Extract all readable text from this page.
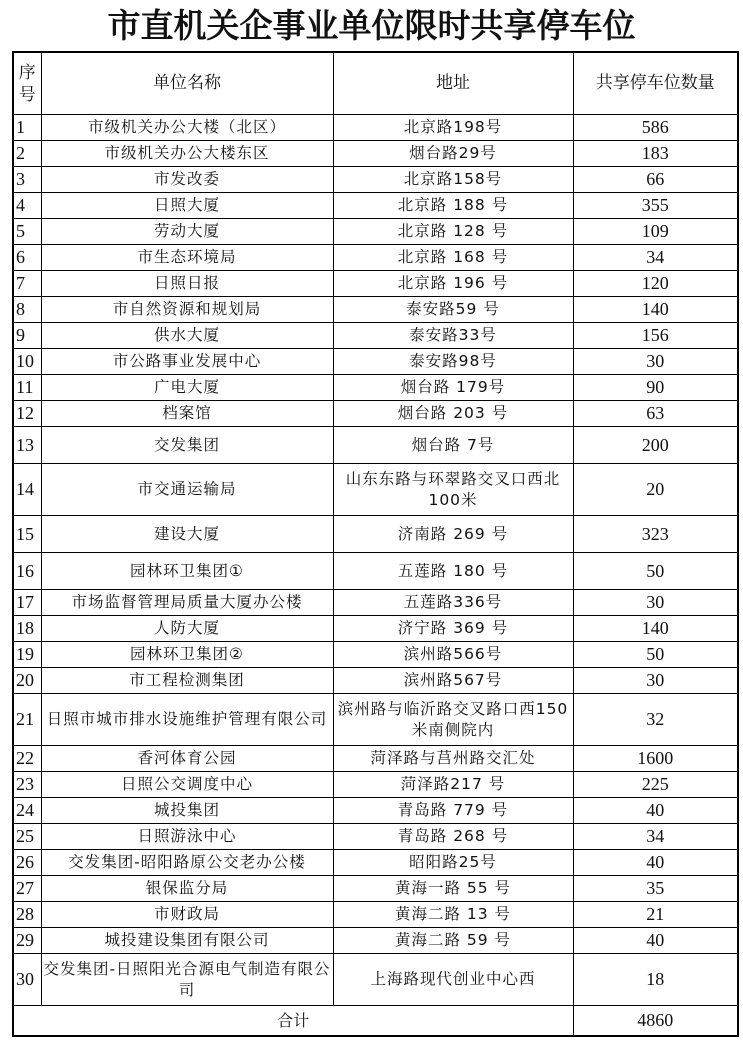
市直机关企事业单位限时共享停车位
序号	单位名称	地址	共享停车位数量
1	市级机关办公大楼（北区）	北京路198号	586
2	市级机关办公大楼东区	烟台路29号	183
3	市发改委	北京路158号	66
4	日照大厦	北京路 188 号	355
5	劳动大厦	北京路 128 号	109
6	市生态环境局	北京路 168 号	34
7	日照日报	北京路 196 号	120
8	市自然资源和规划局	泰安路59 号	140
9	供水大厦	泰安路33号	156
10	市公路事业发展中心	泰安路98号	30
11	广电大厦	烟台路 179号	90
12	档案馆	烟台路 203 号	63
13	交发集团	烟台路 7号	200
14	市交通运输局	山东东路与环翠路交叉口西北100米	20
15	建设大厦	济南路 269 号	323
16	园林环卫集团①	五莲路 180 号	50
17	市场监督管理局质量大厦办公楼	五莲路336号	30
18	人防大厦	济宁路 369 号	140
19	园林环卫集团②	滨州路566号	50
20	市工程检测集团	滨州路567号	30
21	日照市城市排水设施维护管理有限公司	滨州路与临沂路交叉路口西150米南侧院内	32
22	香河体育公园	菏泽路与莒州路交汇处	1600
23	日照公交调度中心	菏泽路217 号	225
24	城投集团	青岛路 779 号	40
25	日照游泳中心	青岛路 268 号	34
26	交发集团-昭阳路原公交老办公楼	昭阳路25号	40
27	银保监分局	黄海一路 55 号	35
28	市财政局	黄海二路 13 号	21
29	城投建设集团有限公司	黄海二路 59 号	40
30	交发集团-日照阳光合源电气制造有限公司	上海路现代创业中心西	18
合计			4860
